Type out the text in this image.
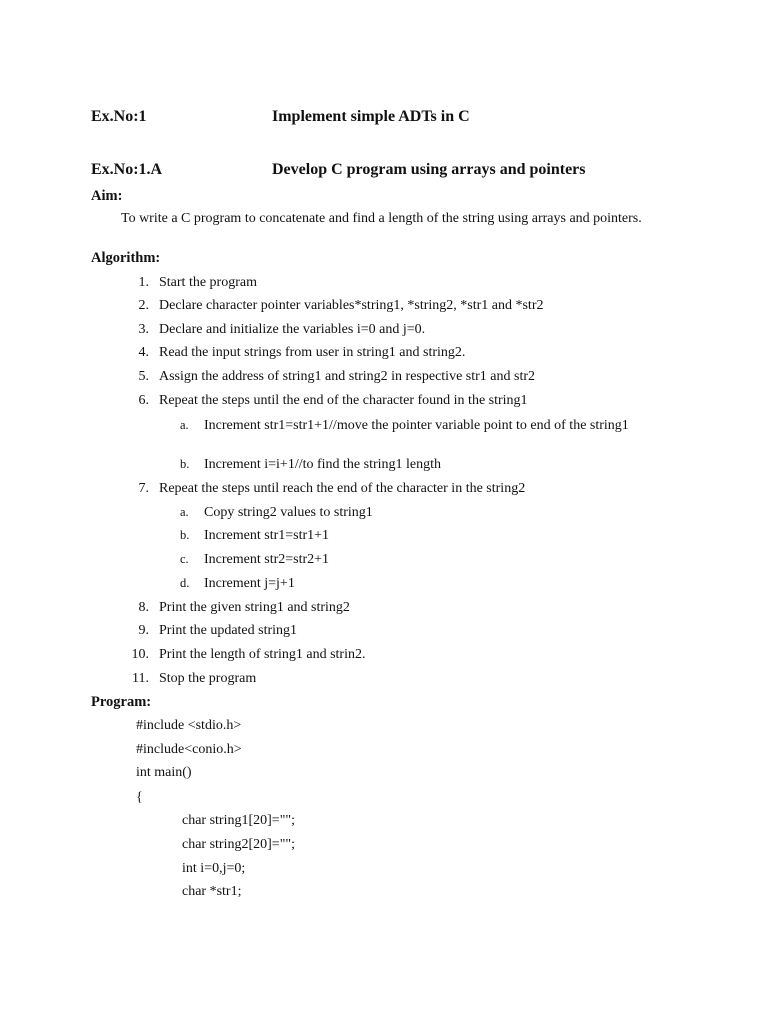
Ex.No:1	Implement simple ADTs in C
Ex.No:1.A	Develop C program using arrays and pointers
Aim:
To write a C program to concatenate and find a length of the string using arrays and pointers.
Algorithm:
1. Start the program
2. Declare character pointer variables*string1, *string2, *str1 and *str2
3. Declare and initialize the variables i=0 and j=0.
4. Read the input strings from user in string1 and string2.
5. Assign the address of string1 and string2 in respective str1 and str2
6. Repeat the steps until the end of the character found in the string1
a.	Increment str1=str1+1//move the pointer variable point to end of the string1
b. Increment i=i+1//to find the string1 length
7. Repeat the steps until reach the end of the character in the string2
a. Copy string2 values to string1
b. Increment str1=str1+1
c. Increment str2=str2+1
d. Increment j=j+1
8. Print the given string1 and string2
9. Print the updated string1
10. Print the length of string1 and strin2.
11. Stop the program
Program:
#include <stdio.h>
#include<conio.h>
int main()
{
char string1[20]="";
char string2[20]="";
int i=0,j=0;
char *str1;
